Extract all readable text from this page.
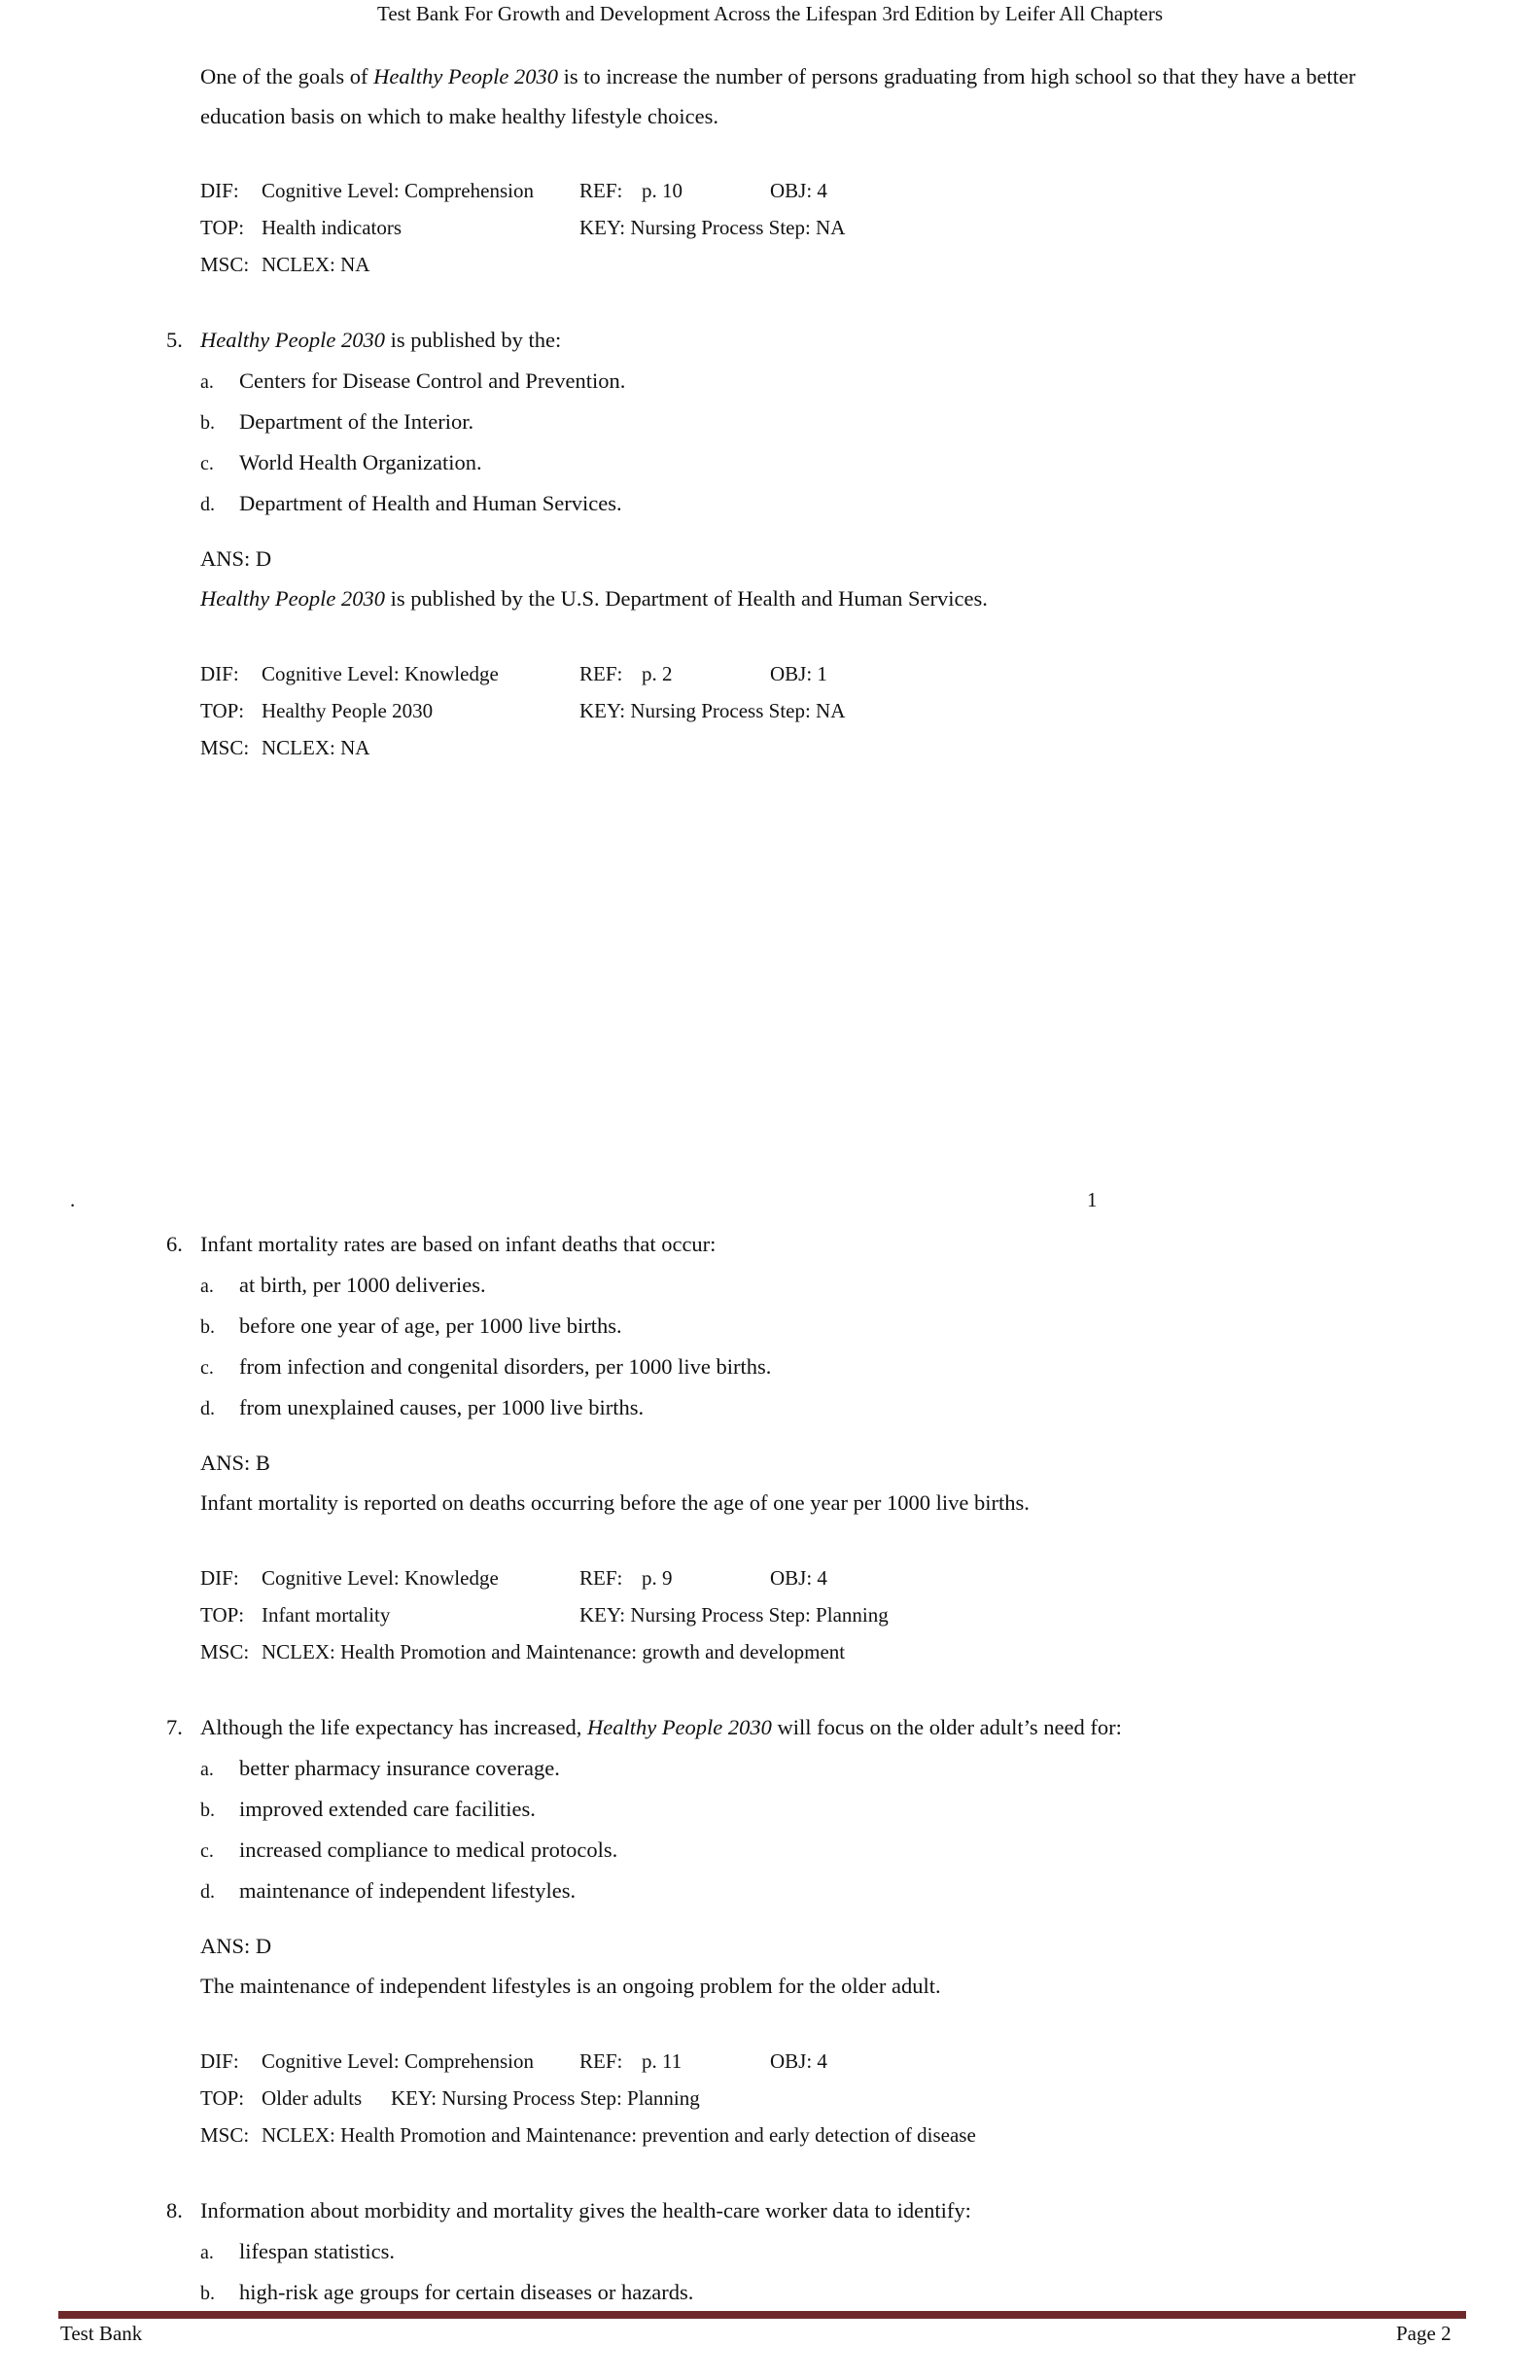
Test Bank For Growth and Development Across the Lifespan 3rd Edition by Leifer All Chapters
One of the goals of Healthy People 2030 is to increase the number of persons graduating from high school so that they have a better
education basis on which to make healthy lifestyle choices.
DIF: Cognitive Level: Comprehension REF: p. 10	OBJ: 4
TOP: Health indicators	KEY: Nursing Process Step: NA
MSC: NCLEX: NA
5. Healthy People 2030 is published by the:
a. Centers for Disease Control and Prevention.
b. Department of the Interior.
c. World Health Organization.
d. Department of Health and Human Services.
ANS: D
Healthy People 2030 is published by the U.S. Department of Health and Human Services.
DIF: Cognitive Level: Knowledge	REF: p. 2	OBJ: 1
TOP: Healthy People 2030	KEY: Nursing Process Step: NA
MSC: NCLEX: NA
.	1
6. Infant mortality rates are based on infant deaths that occur:
a. at birth, per 1000 deliveries.
b. before one year of age, per 1000 live births.
c. from infection and congenital disorders, per 1000 live births.
d. from unexplained causes, per 1000 live births.
ANS: B
Infant mortality is reported on deaths occurring before the age of one year per 1000 live births.
DIF: Cognitive Level: Knowledge	REF: p. 9	OBJ: 4
TOP: Infant mortality	KEY: Nursing Process Step: Planning
MSC: NCLEX: Health Promotion and Maintenance: growth and development
7. Although the life expectancy has increased, Healthy People 2030 will focus on the older adult’s need for:
a. better pharmacy insurance coverage.
b. improved extended care facilities.
c. increased compliance to medical protocols.
d. maintenance of independent lifestyles.
ANS: D
The maintenance of independent lifestyles is an ongoing problem for the older adult.
DIF: Cognitive Level: Comprehension REF: p. 11	OBJ: 4
TOP: Older adults KEY: Nursing Process Step: Planning
MSC: NCLEX: Health Promotion and Maintenance: prevention and early detection of disease
8. Information about morbidity and mortality gives the health-care worker data to identify:
a. lifespan statistics.
b. high-risk age groups for certain diseases or hazards.
Test Bank	Page 2
